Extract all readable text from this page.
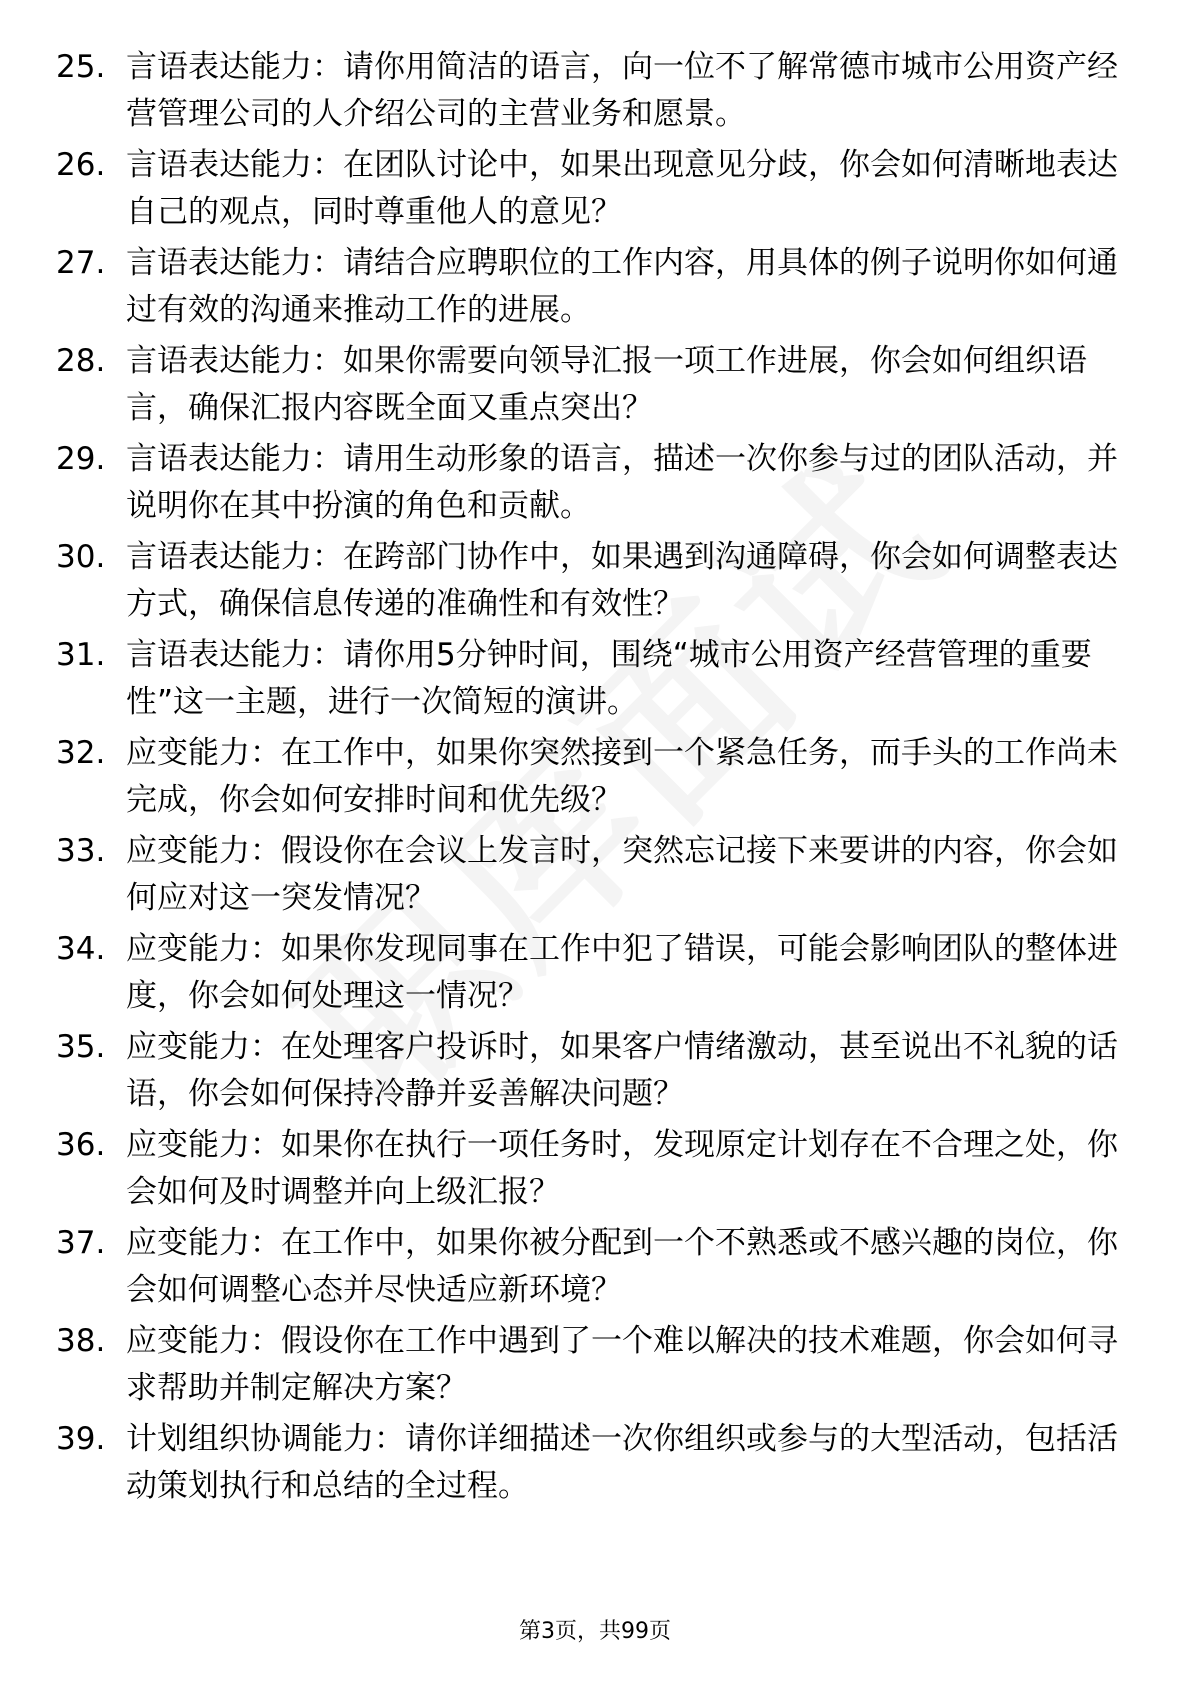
25. 言语表达能力：请你用简洁的语言，向一位不了解常德市城市公用资产经营管理公司的人介绍公司的主营业务和愿景。
26. 言语表达能力：在团队讨论中，如果出现意见分歧，你会如何清晰地表达自己的观点，同时尊重他人的意见？
27. 言语表达能力：请结合应聘职位的工作内容，用具体的例子说明你如何通过有效的沟通来推动工作的进展。
28. 言语表达能力：如果你需要向领导汇报一项工作进展，你会如何组织语言，确保汇报内容既全面又重点突出？
29. 言语表达能力：请用生动形象的语言，描述一次你参与过的团队活动，并说明你在其中扮演的角色和贡献。
30. 言语表达能力：在跨部门协作中，如果遇到沟通障碍，你会如何调整表达方式，确保信息传递的准确性和有效性？
31. 言语表达能力：请你用5分钟时间，围绕“城市公用资产经营管理的重要性”这一主题，进行一次简短的演讲。
32. 应变能力：在工作中，如果你突然接到一个紧急任务，而手头的工作尚未完成，你会如何安排时间和优先级？
33. 应变能力：假设你在会议上发言时，突然忘记接下来要讲的内容，你会如何应对这一突发情况？
34. 应变能力：如果你发现同事在工作中犯了错误，可能会影响团队的整体进度，你会如何处理这一情况？
35. 应变能力：在处理客户投诉时，如果客户情绪激动，甚至说出不礼貌的话语，你会如何保持冷静并妥善解决问题？
36. 应变能力：如果你在执行一项任务时，发现原定计划存在不合理之处，你会如何及时调整并向上级汇报？
37. 应变能力：在工作中，如果你被分配到一个不熟悉或不感兴趣的岗位，你会如何调整心态并尽快适应新环境？
38. 应变能力：假设你在工作中遇到了一个难以解决的技术难题，你会如何寻求帮助并制定解决方案？
39. 计划组织协调能力：请你详细描述一次你组织或参与的大型活动，包括活动策划执行和总结的全过程。
第3页，共99页
